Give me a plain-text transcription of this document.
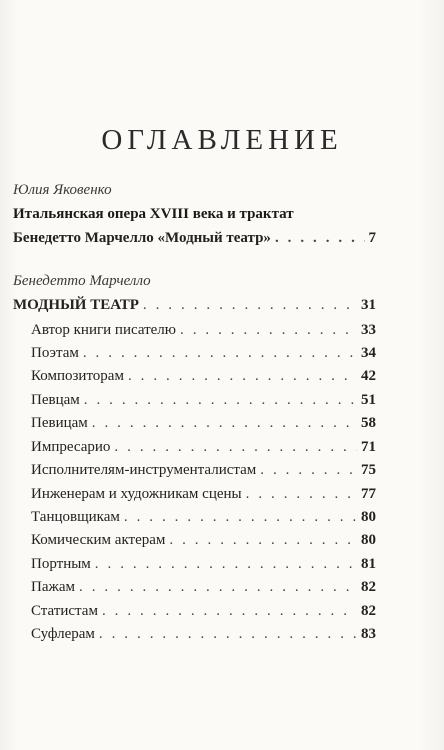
ОГЛАВЛЕНИЕ
Юлия Яковенко
Итальянская опера XVIII века и трактат
Бенедетто Марчелло «Модный театр» . . .	7
Бенедетто Марчелло
МОДНЫЙ ТЕАТР . . .	31
Автор книги писателю . . .	33
Поэтам . . .	34
Композиторам . . .	42
Певцам . . .	51
Певицам . . .	58
Импресарио . . .	71
Исполнителям-инструменталистам . . .	75
Инженерам и художникам сцены . . .	77
Танцовщикам . . .	80
Комическим актерам . . .	80
Портным . . .	81
Пажам . . .	82
Статистам . . .	82
Суфлерам . . .	83
